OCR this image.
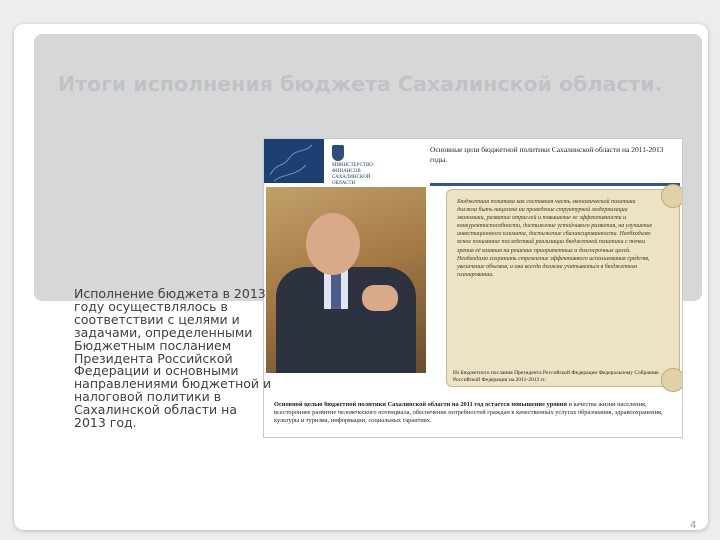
Итоги исполнения бюджета Сахалинской области.
МИНИСТЕРСТВО ФИНАНСОВ САХАЛИНСКОЙ ОБЛАСТИ
Основные цели бюджетной политики Сахалинской области на 2011-2013 годы.
Бюджетная политика как составная часть экономической политики должна быть нацелена на проведение структурной модернизации экономики, развитие отраслей и повышение ее эффективности и конкурентоспособности, достижение устойчивого развития, на улучшение инвестиционного климата, достижение сбалансированности. Необходимо ясное понимание последствий реализации бюджетной политики с точки зрения её влияния на решение приоритетных и долгосрочных целей. Необходимо сохранить стремление эффективного использования средств, увеличение объемов, и она всегда должна учитываться в бюджетном планировании.
Из Бюджетного послания Президента Российской Федерации Федеральному Собранию Российской Федерации на 2011-2013 гг.
Основной целью бюджетной политики Сахалинской области на 2011 год остается повышение уровня и качества жизни населения, всестороннее развитие человеческого потенциала, обеспечение потребностей граждан в качественных услугах образования, здравоохранения, культуры и туризма, информации, социальных гарантиях.

Исполнение бюджета в 2013 году осуществлялось в соответствии с целями и задачами, определенными Бюджетным посланием Президента Российской Федерации и основными направлениями бюджетной и налоговой политики в Сахалинской области на 2013 год.

4
